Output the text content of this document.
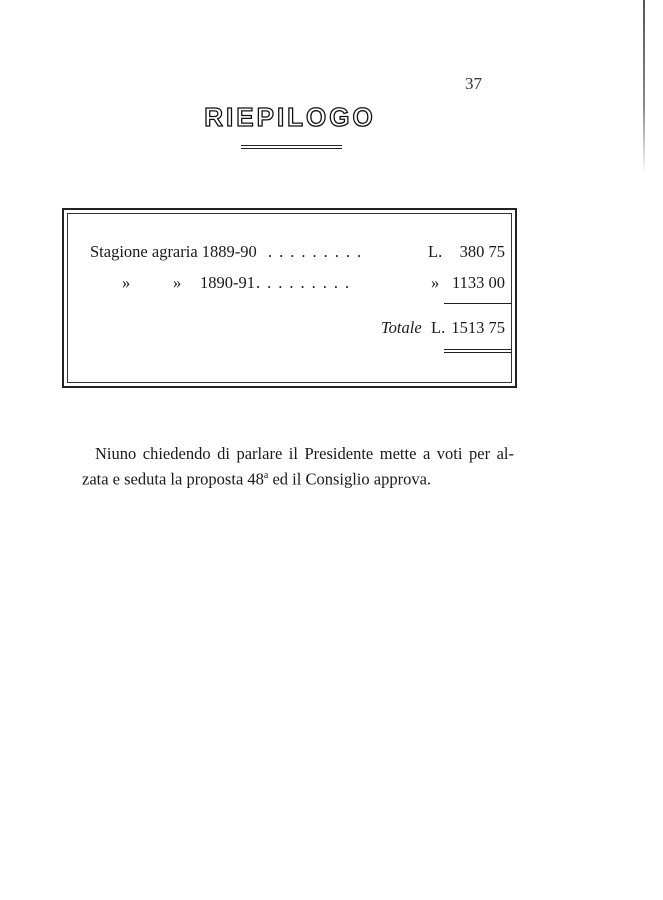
37
RIEPILOGO
Stagione agraria 1889-90 .........	L. 380 75
»	» 1890-91 .........	» 1133 00
Totale L. 1513 75

Niuno chiedendo di parlare il Presidente mette a voti per al-

zata e seduta la proposta 48$^a$ ed il Consiglio approva.
